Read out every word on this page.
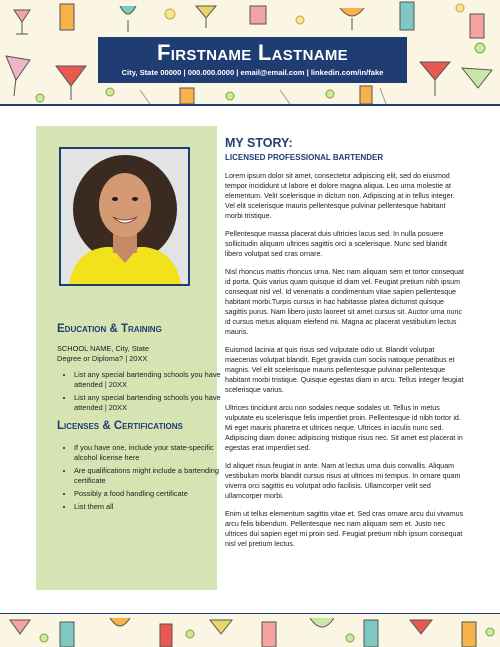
Firstname Lastname
City, State 00000 | 000.000.0000 | email@email.com | linkedin.com/in/fake
Education & Training
SCHOOL NAME, City, State
Degree or Diploma? | 20XX
• List any special bartending schools you have attended | 20XX
• List any special bartending schools you have attended | 20XX
Licenses & Certifications
• If you have one, include your state-specific alcohol license here
• Are qualifications might include a bartending certificate
• Possibly a food handling certificate
• List them all
MY STORY:
LICENSED PROFESSIONAL BARTENDER

Lorem ipsum dolor sit amet, consectetur adipiscing elit, sed do eiusmod tempor incididunt ut labore et dolore magna aliqua. Leo urna molestie at elementum. Velit scelerisque in dictum non. Adipiscing at in tellus integer. Vel elit scelerisque mauris pellentesque pulvinar pellentesque habitant morbi tristique.

Pellentesque massa placerat duis ultricies lacus sed. In nulla posuere sollicitudin aliquam ultrices sagittis orci a scelerisque. Nunc sed blandit libero volutpat sed cras ornare.

Nisl rhoncus mattis rhoncus urna. Nec nam aliquam sem et tortor consequat id porta. Quis varius quam quisque id diam vel. Feugiat pretium nibh ipsum consequat nisl vel. Id venenatis a condimentum vitae sapien pellentesque habitant morbi.Turpis cursus in hac habitasse platea dictumst quisque sagittis purus. Nam libero justo laoreet sit amet cursus sit. Auctor urna nunc id cursus metus aliquam eleifend mi. Magna ac placerat vestibulum lectus mauris.

Euismod lacinia at quis risus sed vulputate odio ut. Blandit volutpat maecenas volutpat blandit. Eget gravida cum sociis natoque penatibus et magnis. Vel elit scelerisque mauris pellentesque pulvinar pellentesque habitant morbi tristique. Quisque egestas diam in arcu. Tellus integer feugiat scelerisque varius.

Ultrices tincidunt arcu non sodales neque sodales ut. Tellus in metus vulputate eu scelerisque felis imperdiet proin. Pellentesque id nibh tortor id. Mi eget mauris pharetra et ultrices neque. Ultrices in iaculis nunc sed. Adipiscing diam donec adipiscing tristique risus nec. Sit amet est placerat in egestas erat imperdiet sed.

Id aliquet risus feugiat in ante. Nam at lectus urna duis convallis. Aliquam vestibulum morbi blandit cursus risus at ultrices mi tempus. In ornare quam viverra orci sagittis eu volutpat odio facilisis. Ullamcorper velit sed ullamcorper morbi.

Enim ut tellus elementum sagittis vitae et. Sed cras ornare arcu dui vivamus arcu felis bibendum. Pellentesque nec nam aliquam sem et. Justo nec ultrices dui sapien eget mi proin sed. Feugiat pretium nibh ipsum consequat nisl vel pretium lectus.
